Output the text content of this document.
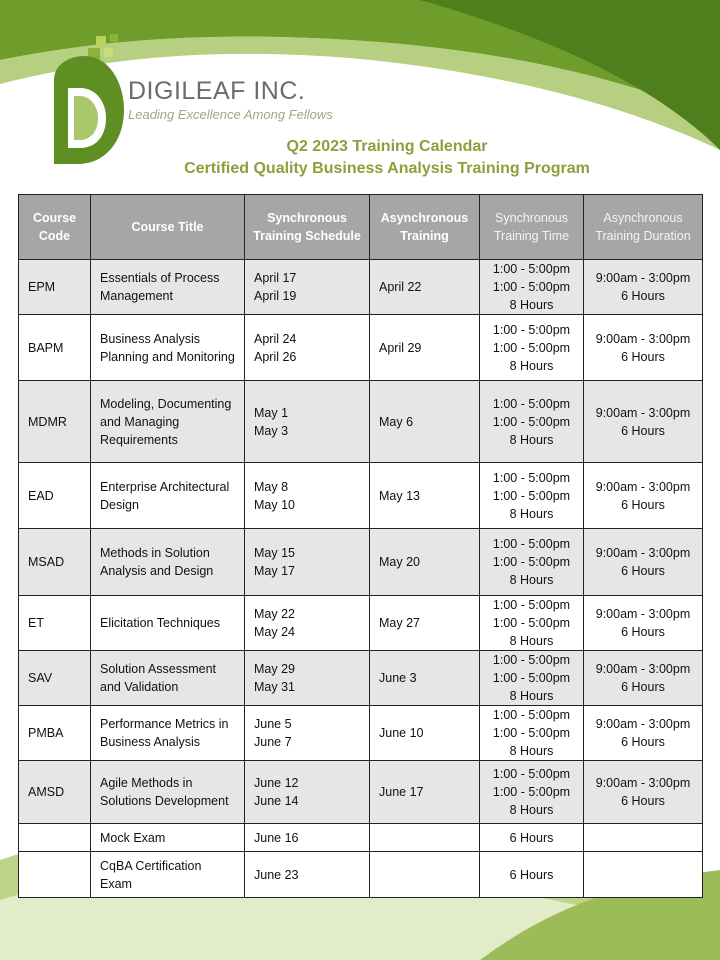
DIGILEAF INC.
Leading Excellence Among Fellows
Q2 2023 Training Calendar
Certified Quality Business Analysis Training Program
Course Code	Course Title	Synchronous Training Schedule	Asynchronous Training	Synchronous Training Time	Asynchronous Training Duration
EPM	Essentials of Process Management	April 17
April 19	April 22	1:00 - 5:00pm
1:00 - 5:00pm
8 Hours	9:00am - 3:00pm
6 Hours

BAPM	Business Analysis Planning and Monitoring	April 24
April 26	April 29	1:00 - 5:00pm
1:00 - 5:00pm
8 Hours	9:00am - 3:00pm
6 Hours

MDMR	Modeling, Documenting and Managing Requirements	May 1
May 3	May 6	1:00 - 5:00pm
1:00 - 5:00pm
8 Hours	9:00am - 3:00pm
6 Hours

EAD	Enterprise Architectural Design	May 8
May 10	May 13	1:00 - 5:00pm
1:00 - 5:00pm
8 Hours	9:00am - 3:00pm
6 Hours

MSAD	Methods in Solution Analysis and Design	May 15
May 17	May 20	1:00 - 5:00pm
1:00 - 5:00pm
8 Hours	9:00am - 3:00pm
6 Hours

ET	Elicitation Techniques	May 22
May 24	May 27	1:00 - 5:00pm
1:00 - 5:00pm
8 Hours	9:00am - 3:00pm
6 Hours

SAV	Solution Assessment and Validation	May 29
May 31	June 3	1:00 - 5:00pm
1:00 - 5:00pm
8 Hours	9:00am - 3:00pm
6 Hours

PMBA	Performance Metrics in Business Analysis	June 5
June 7	June 10	1:00 - 5:00pm
1:00 - 5:00pm
8 Hours	9:00am - 3:00pm
6 Hours

AMSD	Agile Methods in Solutions Development	June 12
June 14	June 17	1:00 - 5:00pm
1:00 - 5:00pm
8 Hours	9:00am - 3:00pm
6 Hours

	Mock Exam	June 16		6 Hours	
	CqBA Certification Exam	June 23		6 Hours	
